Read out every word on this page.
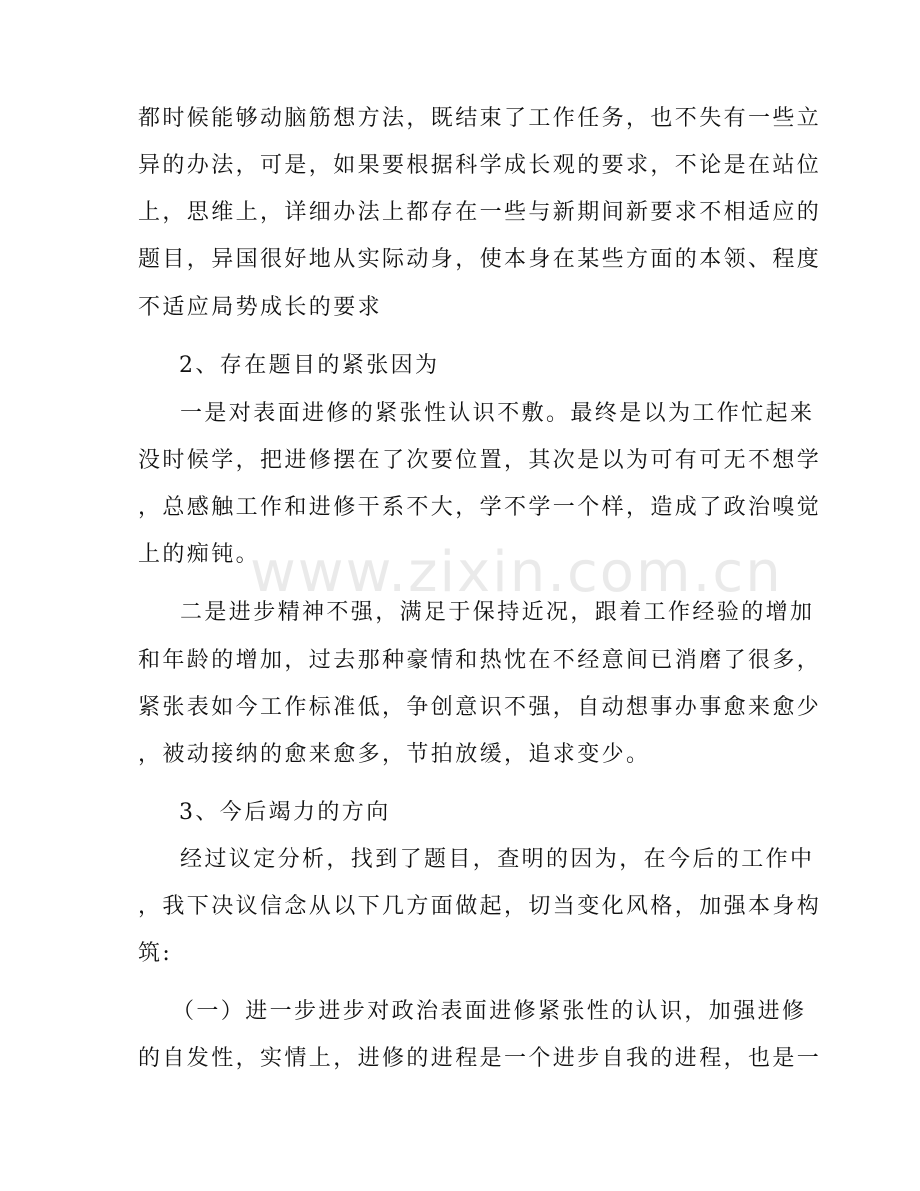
www.zixin.com.cn
都时候能够动脑筋想方法，既结束了工作任务，也不失有一些立
异的办法，可是，如果要根据科学成长观的要求，不论是在站位
上，思维上，详细办法上都存在一些与新期间新要求不相适应的
题目，异国很好地从实际动身，使本身在某些方面的本领、程度
不适应局势成长的要求
2、存在题目的紧张因为
一是对表面进修的紧张性认识不敷。最终是以为工作忙起来
没时候学，把进修摆在了次要位置，其次是以为可有可无不想学
，总感触工作和进修干系不大，学不学一个样，造成了政治嗅觉
上的痴钝。
二是进步精神不强，满足于保持近况，跟着工作经验的增加
和年龄的增加，过去那种豪情和热忱在不经意间已消磨了很多，
紧张表如今工作标准低，争创意识不强，自动想事办事愈来愈少
，被动接纳的愈来愈多，节拍放缓，追求变少。
3、今后竭力的方向
经过议定分析，找到了题目，查明的因为，在今后的工作中
，我下决议信念从以下几方面做起，切当变化风格，加强本身构
筑:
（一）进一步进步对政治表面进修紧张性的认识，加强进修
的自发性，实情上，进修的进程是一个进步自我的进程，也是一
